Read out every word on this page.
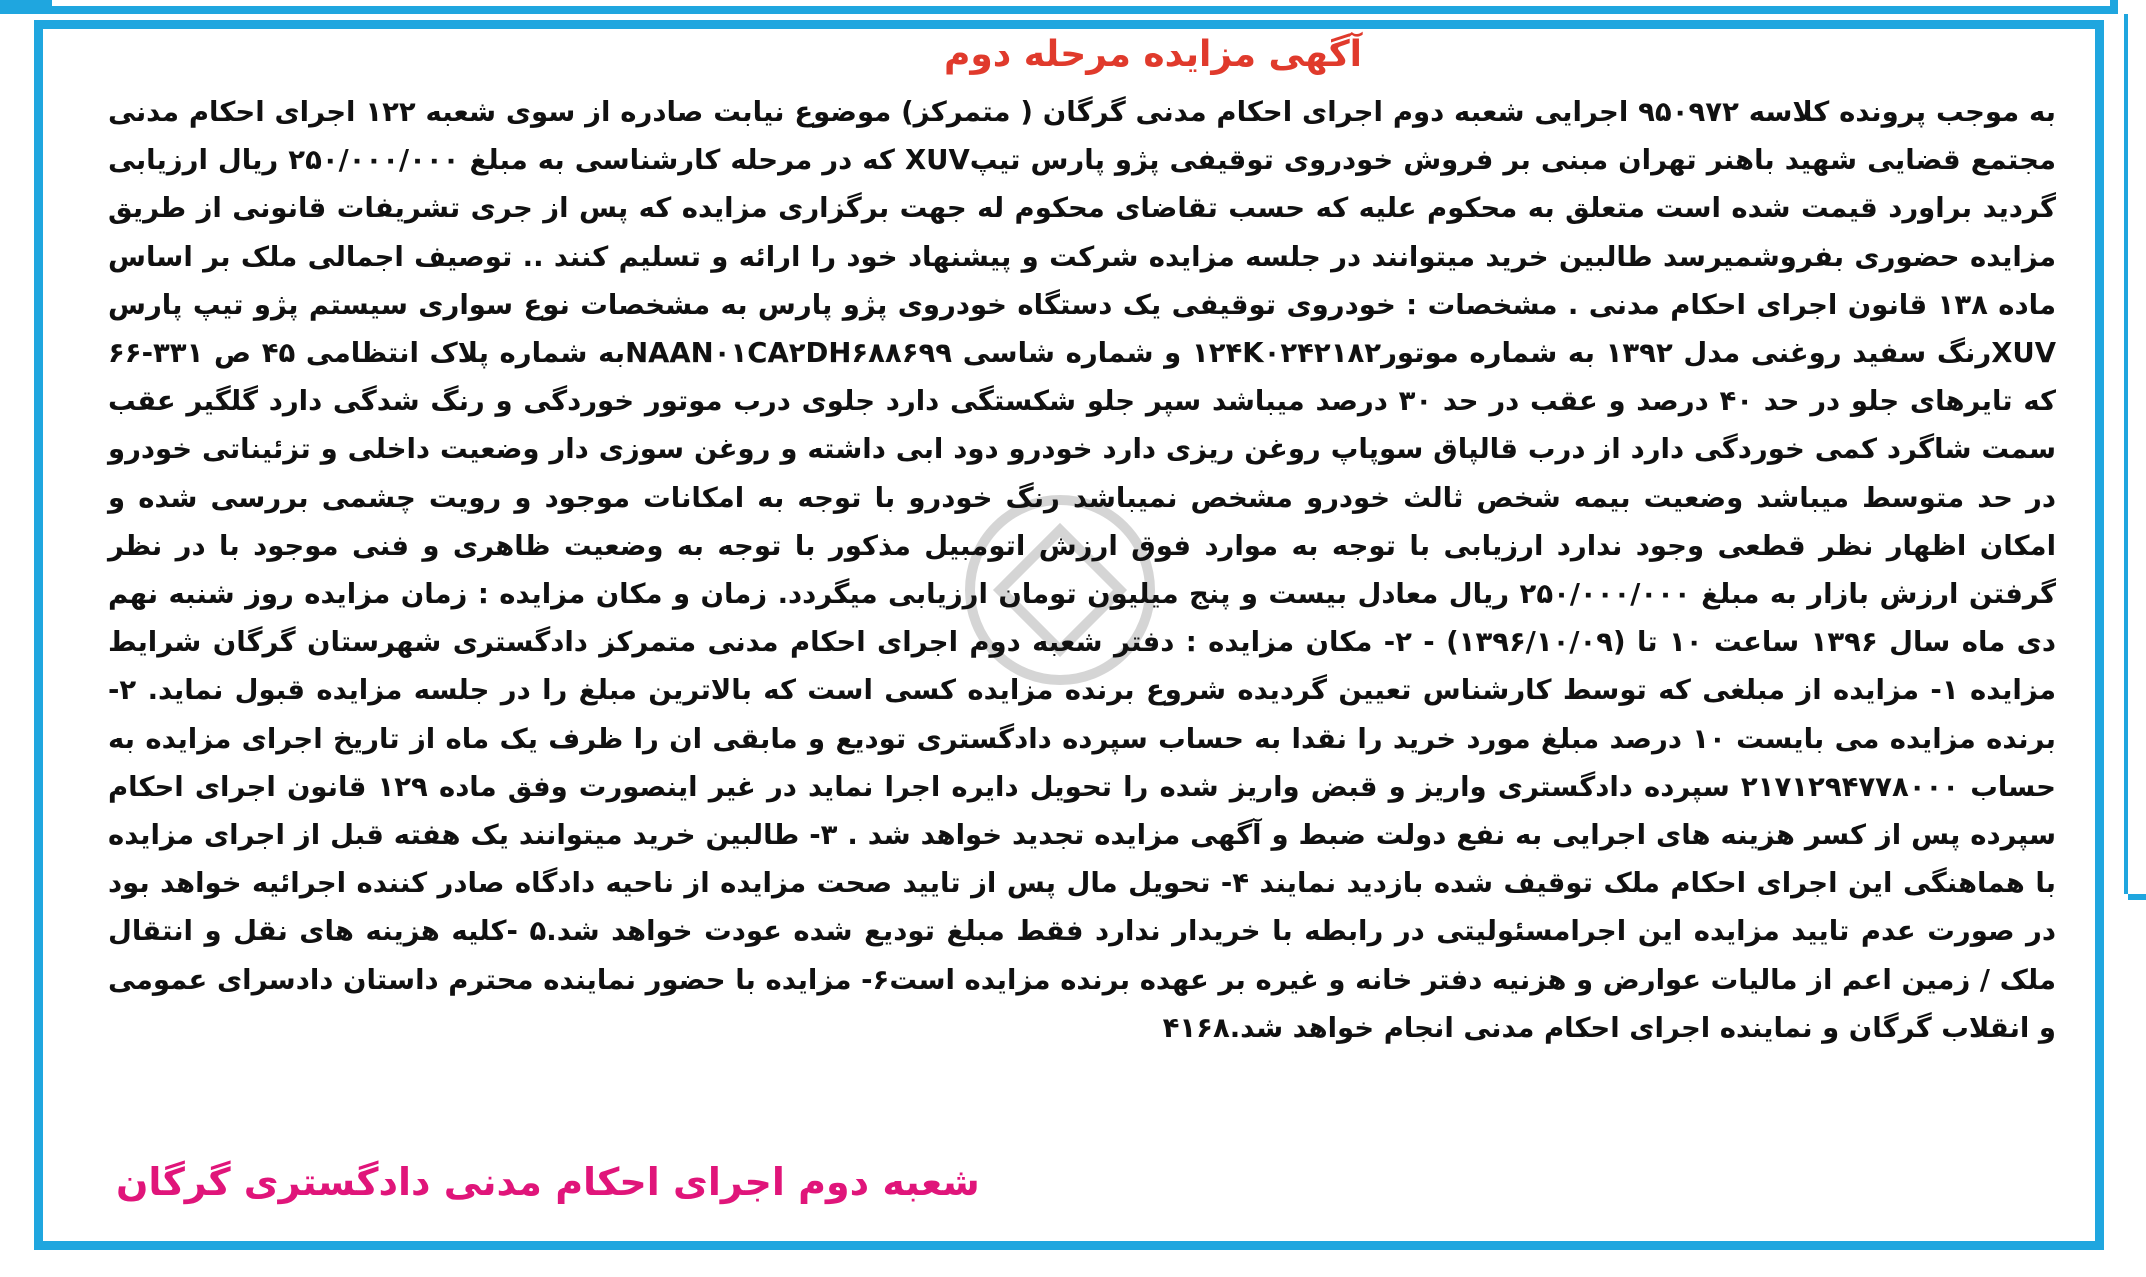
آگهی مزایده مرحله دوم
به موجب پرونده کلاسه ۹۵۰۹۷۲ اجرایی شعبه دوم اجرای احکام مدنی گرگان ( متمرکز) موضوع نیابت صادره از سوی شعبه ۱۲۲ اجرای احکام مدنی مجتمع قضایی شهید باهنر تهران مبنی بر فروش خودروی توقیفی پژو پارس تیپXUV که در مرحله کارشناسی به مبلغ ۲۵۰/۰۰۰/۰۰۰ ریال ارزیابی گردید براورد قیمت شده است متعلق به محکوم علیه که حسب تقاضای محکوم له جهت برگزاری مزایده که پس از جری تشریفات قانونی از طریق مزایده حضوری بفروشمیرسد طالبین خرید میتوانند در جلسه مزایده شرکت و پیشنهاد خود را ارائه و تسلیم کنند .. توصیف اجمالی ملک بر اساس ماده ۱۳۸ قانون اجرای احکام مدنی . مشخصات : خودروی توقیفی یک دستگاه خودروی پژو پارس به مشخصات نوع سواری سیستم پژو تیپ پارس XUVرنگ سفید روغنی مدل ۱۳۹۲ به شماره موتور۱۲۴K۰۲۴۲۱۸۲ و شماره شاسی NAAN۰۱CA۲DH۶۸۸۶۹۹به شماره پلاک انتظامی ۴۵ ص ۳۳۱-۶۶ که تایرهای جلو در حد ۴۰ درصد و عقب در حد ۳۰ درصد میباشد سپر جلو شکستگی دارد جلوی درب موتور خوردگی و رنگ شدگی دارد گلگیر عقب سمت شاگرد کمی خوردگی دارد از درب قالپاق سوپاپ روغن ریزی دارد خودرو دود ابی داشته و روغن سوزی دار وضعیت داخلی و تزئیناتی خودرو در حد متوسط میباشد وضعیت بیمه شخص ثالث خودرو مشخص نمیباشد رنگ خودرو با توجه به امکانات موجود و رویت چشمی بررسی شده و امکان اظهار نظر قطعی وجود ندارد ارزیابی با توجه به موارد فوق ارزش اتومبیل مذکور با توجه به وضعیت ظاهری و فنی موجود با در نظر گرفتن ارزش بازار به مبلغ ۲۵۰/۰۰۰/۰۰۰ ریال معادل بیست و پنج میلیون تومان ارزیابی میگردد. زمان و مکان مزایده : زمان مزایده روز شنبه نهم دی ماه سال ۱۳۹۶ ساعت ۱۰ تا (۱۳۹۶/۱۰/۰۹) - ۲- مکان مزایده : دفتر شعبه دوم اجرای احکام مدنی متمرکز دادگستری شهرستان گرگان شرایط مزایده ۱- مزایده از مبلغی که توسط کارشناس تعیین گردیده شروع برنده مزایده کسی است که بالاترین مبلغ را در جلسه مزایده قبول نماید. ۲- برنده مزایده می بایست ۱۰ درصد مبلغ مورد خرید را نقدا به حساب سپرده دادگستری تودیع و مابقی ان را ظرف یک ماه از تاریخ اجرای مزایده به حساب ۲۱۷۱۲۹۴۷۷۸۰۰۰ سپرده دادگستری واریز و قبض واریز شده را تحویل دایره اجرا نماید در غیر اینصورت وفق ماده ۱۲۹ قانون اجرای احکام سپرده پس از کسر هزینه های اجرایی به نفع دولت ضبط و آگهی مزایده تجدید خواهد شد . ۳- طالبین خرید میتوانند یک هفته قبل از اجرای مزایده با هماهنگی این اجرای احکام ملک توقیف شده بازدید نمایند ۴- تحویل مال پس از تایید صحت مزایده از ناحیه دادگاه صادر کننده اجرائیه خواهد بود در صورت عدم تایید مزایده این اجرامسئولیتی در رابطه با خریدار ندارد فقط مبلغ تودیع شده عودت خواهد شد.۵ -کلیه هزینه های نقل و انتقال ملک / زمین اعم از مالیات عوارض و هزنیه دفتر خانه و غیره بر عهده برنده مزایده است۶- مزایده با حضور نماینده محترم داستان دادسرای عمومی و انقلاب گرگان و نماینده اجرای احکام مدنی انجام خواهد شد.۴۱۶۸
شعبه دوم اجرای احکام مدنی دادگستری گرگان
